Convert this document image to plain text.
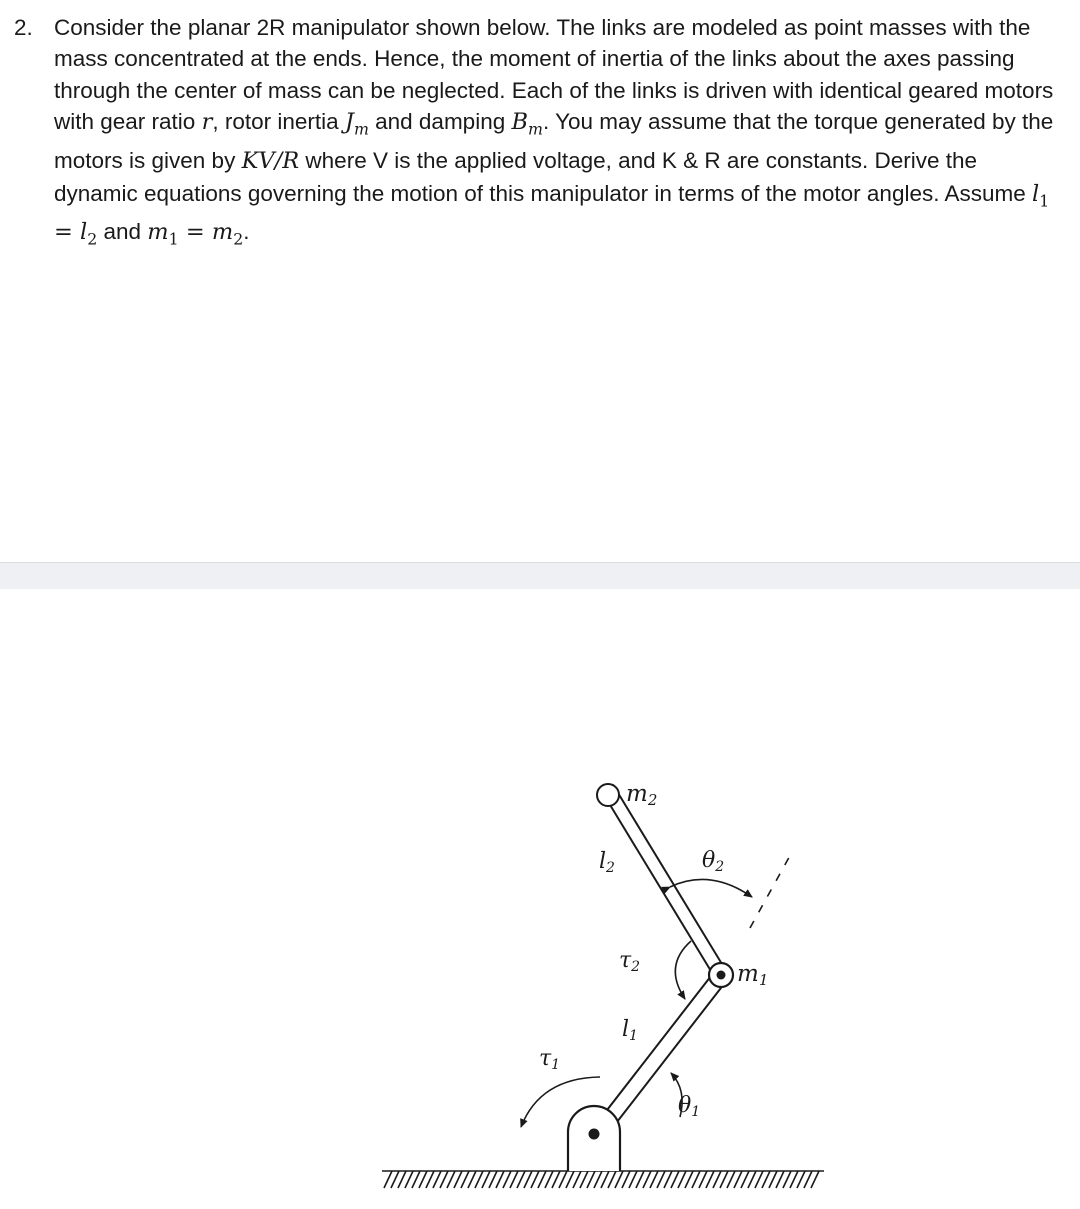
2. Consider the planar 2R manipulator shown below. The links are modeled as point masses with the mass concentrated at the ends. Hence, the moment of inertia of the links about the axes passing through the center of mass can be neglected. Each of the links is driven with identical geared motors with gear ratio r, rotor inertia $J_m$ and damping $B_m$. You may assume that the torque generated by the motors is given by KV/R where V is the applied voltage, and K & R are constants. Derive the dynamic equations governing the motion of this manipulator in terms of the motor angles. Assume $l_1 = l_2$ and $m_1 = m_2$.
m2
l2	θ2
τ2	m1
l1
τ1
θ1
